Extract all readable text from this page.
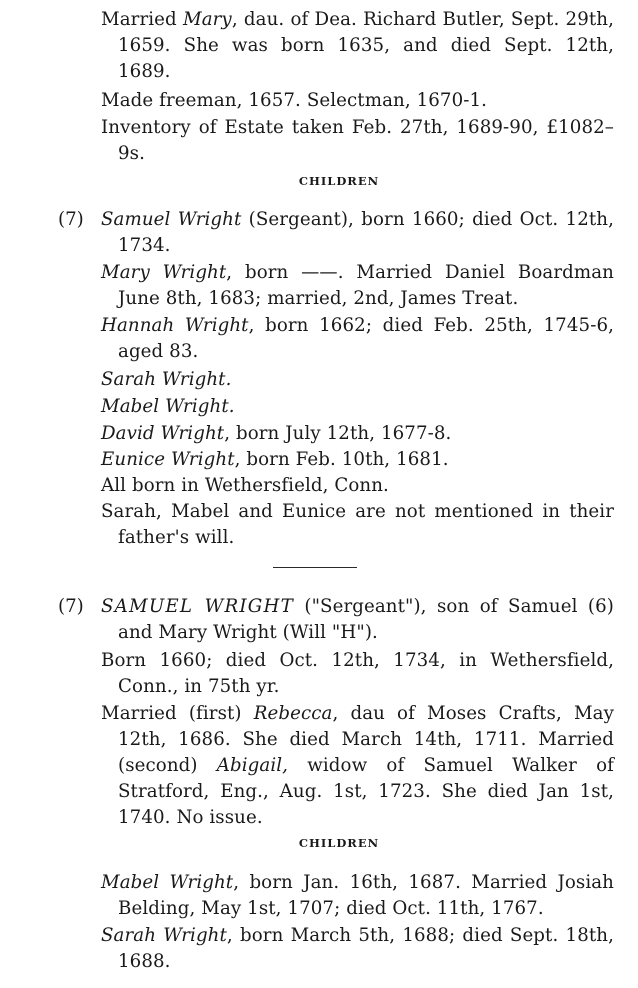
Married Mary, dau. of Dea. Richard Butler, Sept. 29th, 1659. She was born 1635, and died Sept. 12th, 1689.

Made freeman, 1657. Selectman, 1670-1.

Inventory of Estate taken Feb. 27th, 1689-90, £1082–9s.

CHILDREN
(7) Samuel Wright (Sergeant), born 1660; died Oct. 12th, 1734.

Mary Wright, born ——. Married Daniel Boardman June 8th, 1683; married, 2nd, James Treat.

Hannah Wright, born 1662; died Feb. 25th, 1745-6, aged 83.

Sarah Wright.

Mabel Wright.

David Wright, born July 12th, 1677-8.

Eunice Wright, born Feb. 10th, 1681.

All born in Wethersfield, Conn.

Sarah, Mabel and Eunice are not mentioned in their father's will.

(7) SAMUEL WRIGHT ("Sergeant"), son of Samuel (6) and Mary Wright (Will "H").

Born 1660; died Oct. 12th, 1734, in Wethersfield, Conn., in 75th yr.

Married (first) Rebecca, dau of Moses Crafts, May 12th, 1686. She died March 14th, 1711. Married (second) Abigail, widow of Samuel Walker of Stratford, Eng., Aug. 1st, 1723. She died Jan 1st, 1740. No issue.

CHILDREN

Mabel Wright, born Jan. 16th, 1687. Married Josiah Belding, May 1st, 1707; died Oct. 11th, 1767.

Sarah Wright, born March 5th, 1688; died Sept. 18th, 1688.
